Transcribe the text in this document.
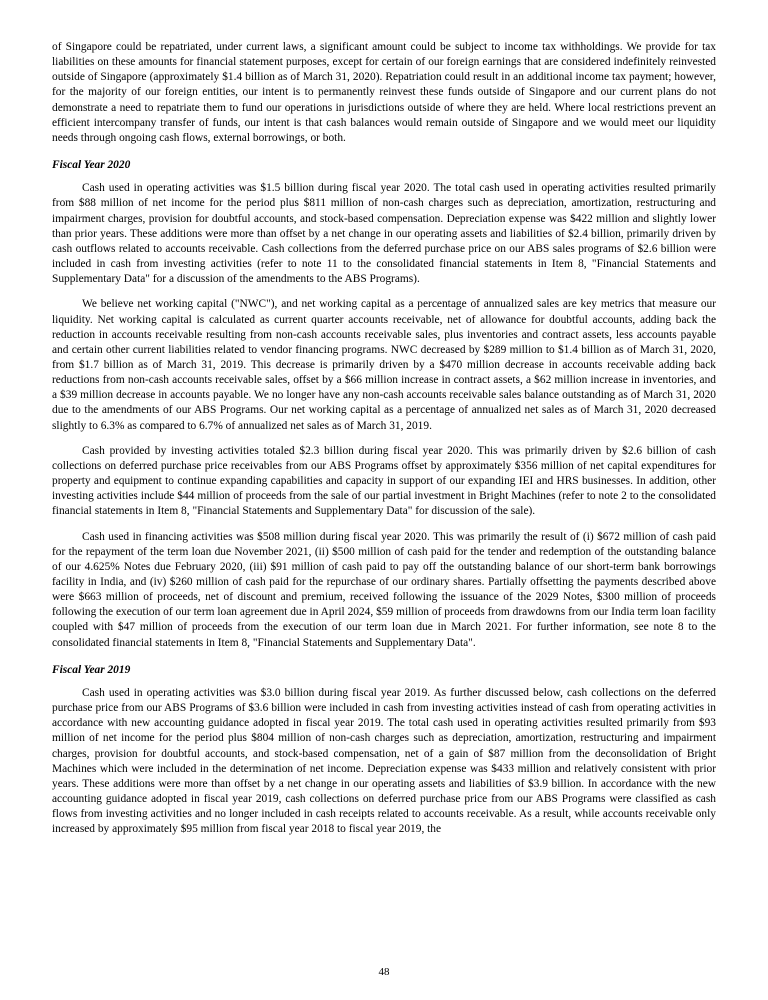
of Singapore could be repatriated, under current laws, a significant amount could be subject to income tax withholdings. We provide for tax liabilities on these amounts for financial statement purposes, except for certain of our foreign earnings that are considered indefinitely reinvested outside of Singapore (approximately $1.4 billion as of March 31, 2020). Repatriation could result in an additional income tax payment; however, for the majority of our foreign entities, our intent is to permanently reinvest these funds outside of Singapore and our current plans do not demonstrate a need to repatriate them to fund our operations in jurisdictions outside of where they are held. Where local restrictions prevent an efficient intercompany transfer of funds, our intent is that cash balances would remain outside of Singapore and we would meet our liquidity needs through ongoing cash flows, external borrowings, or both.

Fiscal Year 2020

Cash used in operating activities was $1.5 billion during fiscal year 2020. The total cash used in operating activities resulted primarily from $88 million of net income for the period plus $811 million of non-cash charges such as depreciation, amortization, restructuring and impairment charges, provision for doubtful accounts, and stock-based compensation. Depreciation expense was $422 million and slightly lower than prior years. These additions were more than offset by a net change in our operating assets and liabilities of $2.4 billion, primarily driven by cash outflows related to accounts receivable. Cash collections from the deferred purchase price on our ABS sales programs of $2.6 billion were included in cash from investing activities (refer to note 11 to the consolidated financial statements in Item 8, "Financial Statements and Supplementary Data" for a discussion of the amendments to the ABS Programs).

We believe net working capital ("NWC"), and net working capital as a percentage of annualized sales are key metrics that measure our liquidity. Net working capital is calculated as current quarter accounts receivable, net of allowance for doubtful accounts, adding back the reduction in accounts receivable resulting from non-cash accounts receivable sales, plus inventories and contract assets, less accounts payable and certain other current liabilities related to vendor financing programs. NWC decreased by $289 million to $1.4 billion as of March 31, 2020, from $1.7 billion as of March 31, 2019. This decrease is primarily driven by a $470 million decrease in accounts receivable adding back reductions from non-cash accounts receivable sales, offset by a $66 million increase in contract assets, a $62 million increase in inventories, and a $39 million decrease in accounts payable. We no longer have any non-cash accounts receivable sales balance outstanding as of March 31, 2020 due to the amendments of our ABS Programs. Our net working capital as a percentage of annualized net sales as of March 31, 2020 decreased slightly to 6.3% as compared to 6.7% of annualized net sales as of March 31, 2019.

Cash provided by investing activities totaled $2.3 billion during fiscal year 2020. This was primarily driven by $2.6 billion of cash collections on deferred purchase price receivables from our ABS Programs offset by approximately $356 million of net capital expenditures for property and equipment to continue expanding capabilities and capacity in support of our expanding IEI and HRS businesses. In addition, other investing activities include $44 million of proceeds from the sale of our partial investment in Bright Machines (refer to note 2 to the consolidated financial statements in Item 8, "Financial Statements and Supplementary Data" for discussion of the sale).

Cash used in financing activities was $508 million during fiscal year 2020. This was primarily the result of (i) $672 million of cash paid for the repayment of the term loan due November 2021, (ii) $500 million of cash paid for the tender and redemption of the outstanding balance of our 4.625% Notes due February 2020, (iii) $91 million of cash paid to pay off the outstanding balance of our short-term bank borrowings facility in India, and (iv) $260 million of cash paid for the repurchase of our ordinary shares. Partially offsetting the payments described above were $663 million of proceeds, net of discount and premium, received following the issuance of the 2029 Notes, $300 million of proceeds following the execution of our term loan agreement due in April 2024, $59 million of proceeds from drawdowns from our India term loan facility coupled with $47 million of proceeds from the execution of our term loan due in March 2021. For further information, see note 8 to the consolidated financial statements in Item 8, "Financial Statements and Supplementary Data".

Fiscal Year 2019

Cash used in operating activities was $3.0 billion during fiscal year 2019. As further discussed below, cash collections on the deferred purchase price from our ABS Programs of $3.6 billion were included in cash from investing activities instead of cash from operating activities in accordance with new accounting guidance adopted in fiscal year 2019. The total cash used in operating activities resulted primarily from $93 million of net income for the period plus $804 million of non-cash charges such as depreciation, amortization, restructuring and impairment charges, provision for doubtful accounts, and stock-based compensation, net of a gain of $87 million from the deconsolidation of Bright Machines which were included in the determination of net income. Depreciation expense was $433 million and relatively consistent with prior years. These additions were more than offset by a net change in our operating assets and liabilities of $3.9 billion. In accordance with the new accounting guidance adopted in fiscal year 2019, cash collections on deferred purchase price from our ABS Programs were classified as cash flows from investing activities and no longer included in cash receipts related to accounts receivable. As a result, while accounts receivable only increased by approximately $95 million from fiscal year 2018 to fiscal year 2019, the

48
